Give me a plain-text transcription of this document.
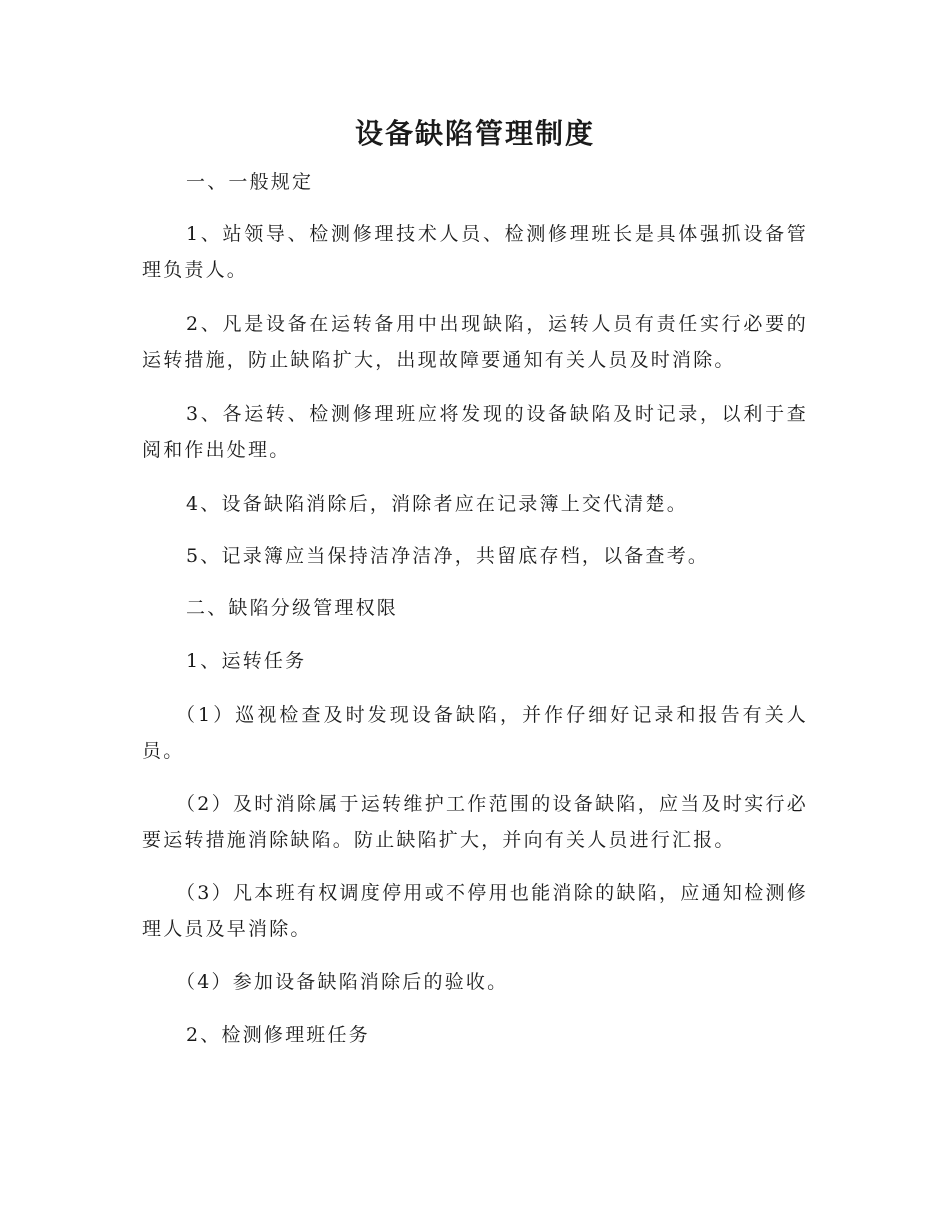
设备缺陷管理制度

一、一般规定

1、站领导、检测修理技术人员、检测修理班长是具体强抓设备管理负责人。

2、凡是设备在运转备用中出现缺陷，运转人员有责任实行必要的运转措施，防止缺陷扩大，出现故障要通知有关人员及时消除。

3、各运转、检测修理班应将发现的设备缺陷及时记录，以利于查阅和作出处理。

4、设备缺陷消除后，消除者应在记录簿上交代清楚。

5、记录簿应当保持洁净洁净，共留底存档，以备查考。

二、缺陷分级管理权限

1、运转任务

（1）巡视检查及时发现设备缺陷，并作仔细好记录和报告有关人员。

（2）及时消除属于运转维护工作范围的设备缺陷，应当及时实行必要运转措施消除缺陷。防止缺陷扩大，并向有关人员进行汇报。

（3）凡本班有权调度停用或不停用也能消除的缺陷，应通知检测修理人员及早消除。

（4）参加设备缺陷消除后的验收。

2、检测修理班任务
